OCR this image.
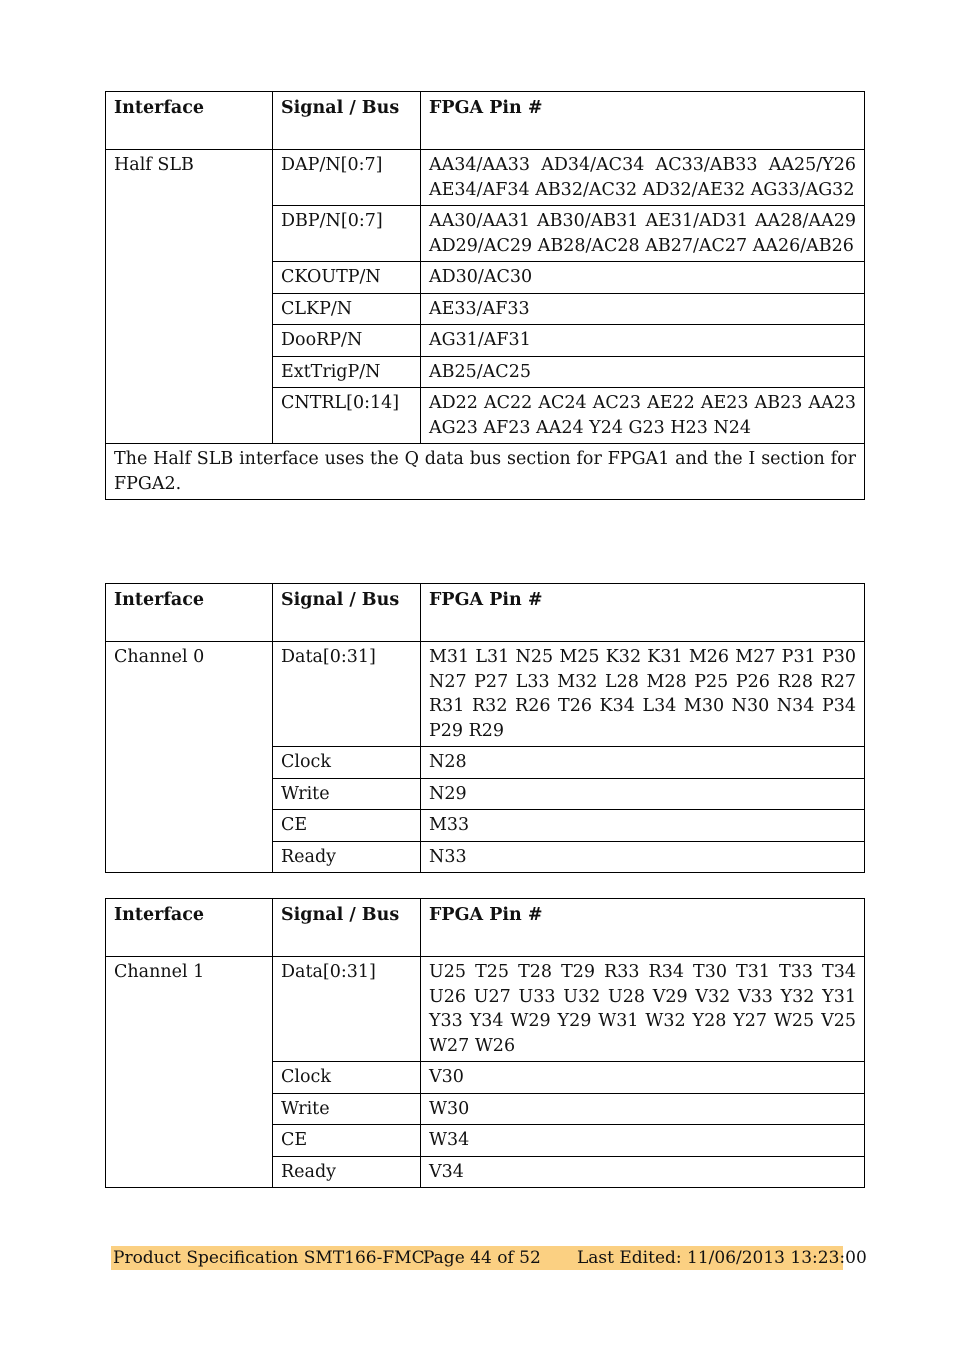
Interface	Signal / Bus	FPGA Pin #
Half SLB	DAP/N[0:7]	AA34/AA33 AD34/AC34 AC33/AB33 AA25/Y26 AE34/AF34 AB32/AC32 AD32/AE32 AG33/AG32
	DBP/N[0:7]	AA30/AA31 AB30/AB31 AE31/AD31 AA28/AA29 AD29/AC29 AB28/AC28 AB27/AC27 AA26/AB26
	CKOUTP/N	AD30/AC30
	CLKP/N	AE33/AF33
	DooRP/N	AG31/AF31
	ExtTrigP/N	AB25/AC25
	CNTRL[0:14]	AD22 AC22 AC24 AC23 AE22 AE23 AB23 AA23 AG23 AF23 AA24 Y24 G23 H23 N24
The Half SLB interface uses the Q data bus section for FPGA1 and the I section for FPGA2.		
Interface	Signal / Bus	FPGA Pin #
Channel 0	Data[0:31]	M31 L31 N25 M25 K32 K31 M26 M27 P31 P30 N27 P27 L33 M32 L28 M28 P25 P26 R28 R27 R31 R32 R26 T26 K34 L34 M30 N30 N34 P34 P29 R29
	Clock	N28
	Write	N29
	CE	M33
	Ready	N33
Interface	Signal / Bus	FPGA Pin #
Channel 1	Data[0:31]	U25 T25 T28 T29 R33 R34 T30 T31 T33 T34 U26 U27 U33 U32 U28 V29 V32 V33 Y32 Y31 Y33 Y34 W29 Y29 W31 W32 Y28 Y27 W25 V25 W27 W26
	Clock	V30
	Write	W30
	CE	W34
	Ready	V34
Product Specification SMT166-FMC
Page 44 of 52 Last Edited: 11/06/2013 13:23:00
